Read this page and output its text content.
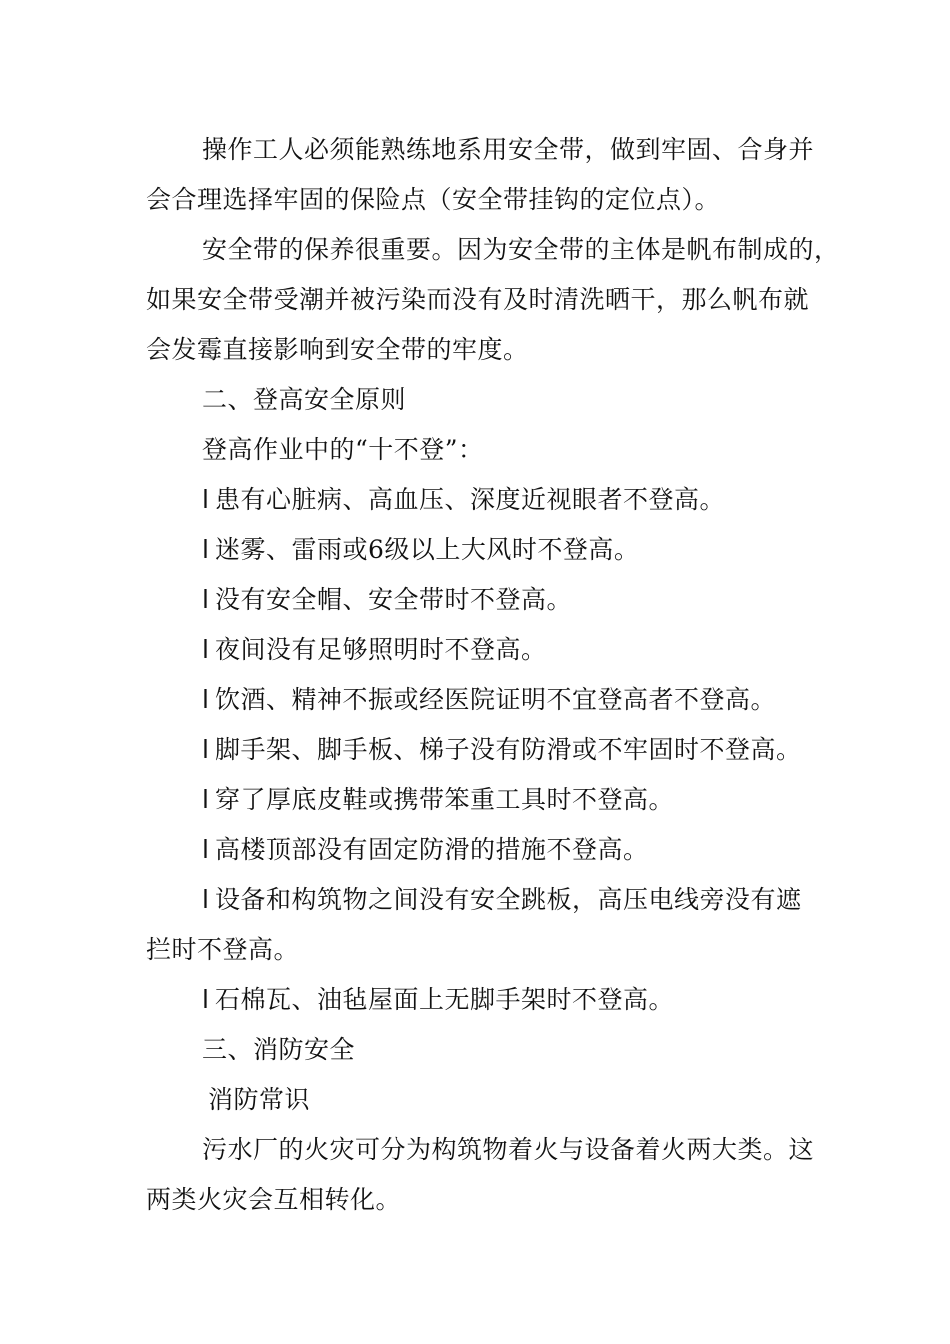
操作工人必须能熟练地系用安全带，做到牢固、合身并
会合理选择牢固的保险点（安全带挂钩的定位点）。
安全带的保养很重要。因为安全带的主体是帆布制成的，
如果安全带受潮并被污染而没有及时清洗晒干，那么帆布就
会发霉直接影响到安全带的牢度。
二、登高安全原则
登高作业中的“十不登”：
l 患有心脏病、高血压、深度近视眼者不登高。
l 迷雾、雷雨或6级以上大风时不登高。
l 没有安全帽、安全带时不登高。
l 夜间没有足够照明时不登高。
l 饮酒、精神不振或经医院证明不宜登高者不登高。
l 脚手架、脚手板、梯子没有防滑或不牢固时不登高。
l 穿了厚底皮鞋或携带笨重工具时不登高。
l 高楼顶部没有固定防滑的措施不登高。
l 设备和构筑物之间没有安全跳板，高压电线旁没有遮
拦时不登高。
l 石棉瓦、油毡屋面上无脚手架时不登高。
三、消防安全
消防常识
污水厂的火灾可分为构筑物着火与设备着火两大类。这
两类火灾会互相转化。
